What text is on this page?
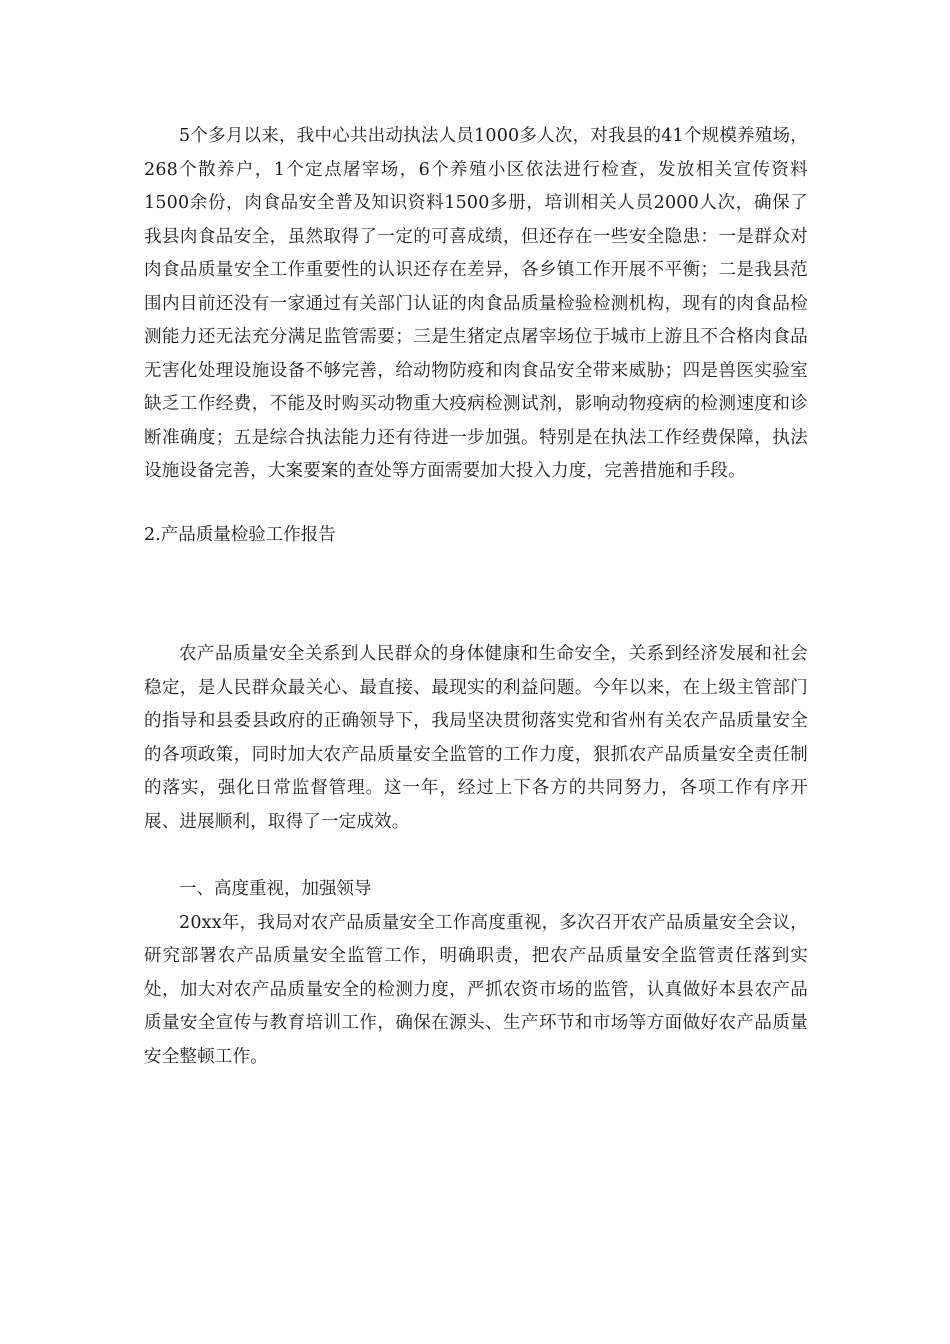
5个多月以来，我中心共出动执法人员1000多人次，对我县的41个规模养殖场，268个散养户，1个定点屠宰场，6个养殖小区依法进行检查，发放相关宣传资料1500余份，肉食品安全普及知识资料1500多册，培训相关人员2000人次，确保了我县肉食品安全，虽然取得了一定的可喜成绩，但还存在一些安全隐患：一是群众对肉食品质量安全工作重要性的认识还存在差异，各乡镇工作开展不平衡；二是我县范围内目前还没有一家通过有关部门认证的肉食品质量检验检测机构，现有的肉食品检测能力还无法充分满足监管需要；三是生猪定点屠宰场位于城市上游且不合格肉食品无害化处理设施设备不够完善，给动物防疫和肉食品安全带来威胁；四是兽医实验室缺乏工作经费，不能及时购买动物重大疫病检测试剂，影响动物疫病的检测速度和诊断准确度；五是综合执法能力还有待进一步加强。特别是在执法工作经费保障，执法设施设备完善，大案要案的查处等方面需要加大投入力度，完善措施和手段。

2.产品质量检验工作报告

农产品质量安全关系到人民群众的身体健康和生命安全，关系到经济发展和社会稳定，是人民群众最关心、最直接、最现实的利益问题。今年以来，在上级主管部门的指导和县委县政府的正确领导下，我局坚决贯彻落实党和省州有关农产品质量安全的各项政策，同时加大农产品质量安全监管的工作力度，狠抓农产品质量安全责任制的落实，强化日常监督管理。这一年，经过上下各方的共同努力，各项工作有序开展、进展顺利，取得了一定成效。

一、高度重视，加强领导

20xx年，我局对农产品质量安全工作高度重视，多次召开农产品质量安全会议，研究部署农产品质量安全监管工作，明确职责，把农产品质量安全监管责任落到实处，加大对农产品质量安全的检测力度，严抓农资市场的监管，认真做好本县农产品质量安全宣传与教育培训工作，确保在源头、生产环节和市场等方面做好农产品质量安全整顿工作。
